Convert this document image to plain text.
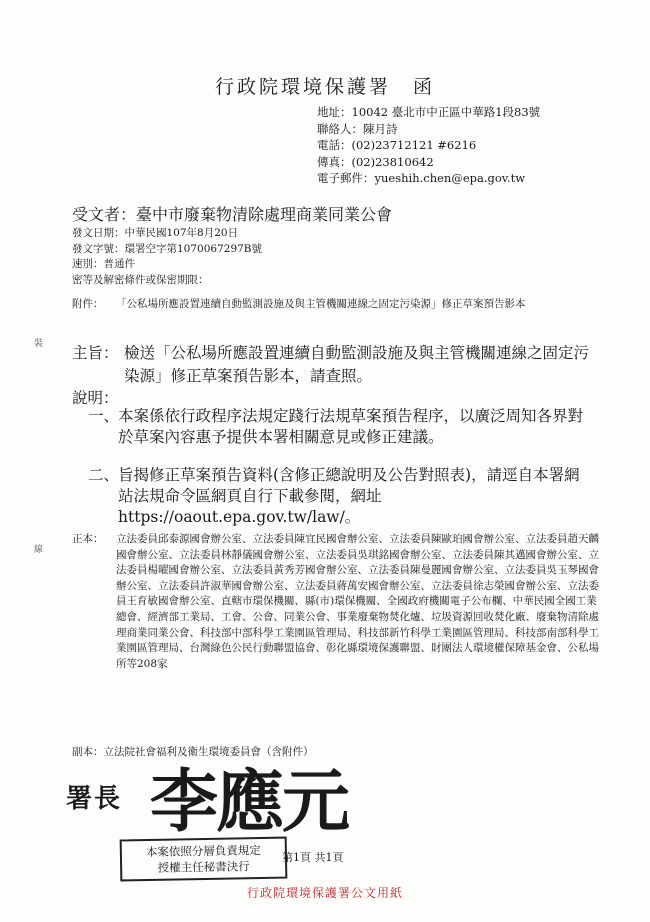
行政院環境保護署　函
地址：10042 臺北市中正區中華路1段83號
聯絡人：陳月詩
電話：(02)23712121 #6216
傳真：(02)23810642
電子郵件：yueshih.chen@epa.gov.tw
受文者：臺中市廢棄物清除處理商業同業公會
發文日期：中華民國107年8月20日
發文字號：環署空字第1070067297B號
速別：普通件
密等及解密條件或保密期限：
附件： 「公私場所應設置連續自動監測設施及與主管機關連線之固定污染源」修正草案預告影本
裝
線
主旨： 檢送「公私場所應設置連續自動監測設施及與主管機關連線之固定污染源」修正草案預告影本，請查照。
說明：
一、
本案係依行政程序法規定踐行法規草案預告程序，以廣泛周知各界對於草案內容惠予提供本署相關意見或修正建議。
二、
旨揭修正草案預告資料(含修正總說明及公告對照表)，請逕自本署網站法規命令區網頁自行下載參閱，網址https://oaout.epa.gov.tw/law/。
正本： 立法委員邱泰源國會辦公室、立法委員陳宜民國會辦公室、立法委員陳歐珀國會辦公室、立法委員趙天麟國會辦公室、立法委員林靜儀國會辦公室、立法委員吳琪銘國會辦公室、立法委員陳其邁國會辦公室、立法委員楊曜國會辦公室、立法委員黃秀芳國會辦公室、立法委員陳曼麗國會辦公室、立法委員吳玉琴國會辦公室、立法委員許淑華國會辦公室、立法委員蔣萬安國會辦公室、立法委員徐志榮國會辦公室、立法委員王育敏國會辦公室、直轄市環保機關、縣(市)環保機關、全國政府機關電子公布欄、中華民國全國工業總會、經濟部工業局、工會、公會、同業公會、事業廢棄物焚化爐、垃圾資源回收焚化廠、廢棄物清除處理商業同業公會、科技部中部科學工業園區管理局、科技部新竹科學工業園區管理局、科技部南部科學工業園區管理局、台灣綠色公民行動聯盟協會、彰化縣環境保護聯盟、財團法人環境權保障基金會、公私場所等208家
副本：立法院社會福利及衛生環境委員會（含附件）
署長 李應元
本案依照分層負責規定
授權主任秘書決行
第1頁 共1頁
行政院環境保護署公文用紙
